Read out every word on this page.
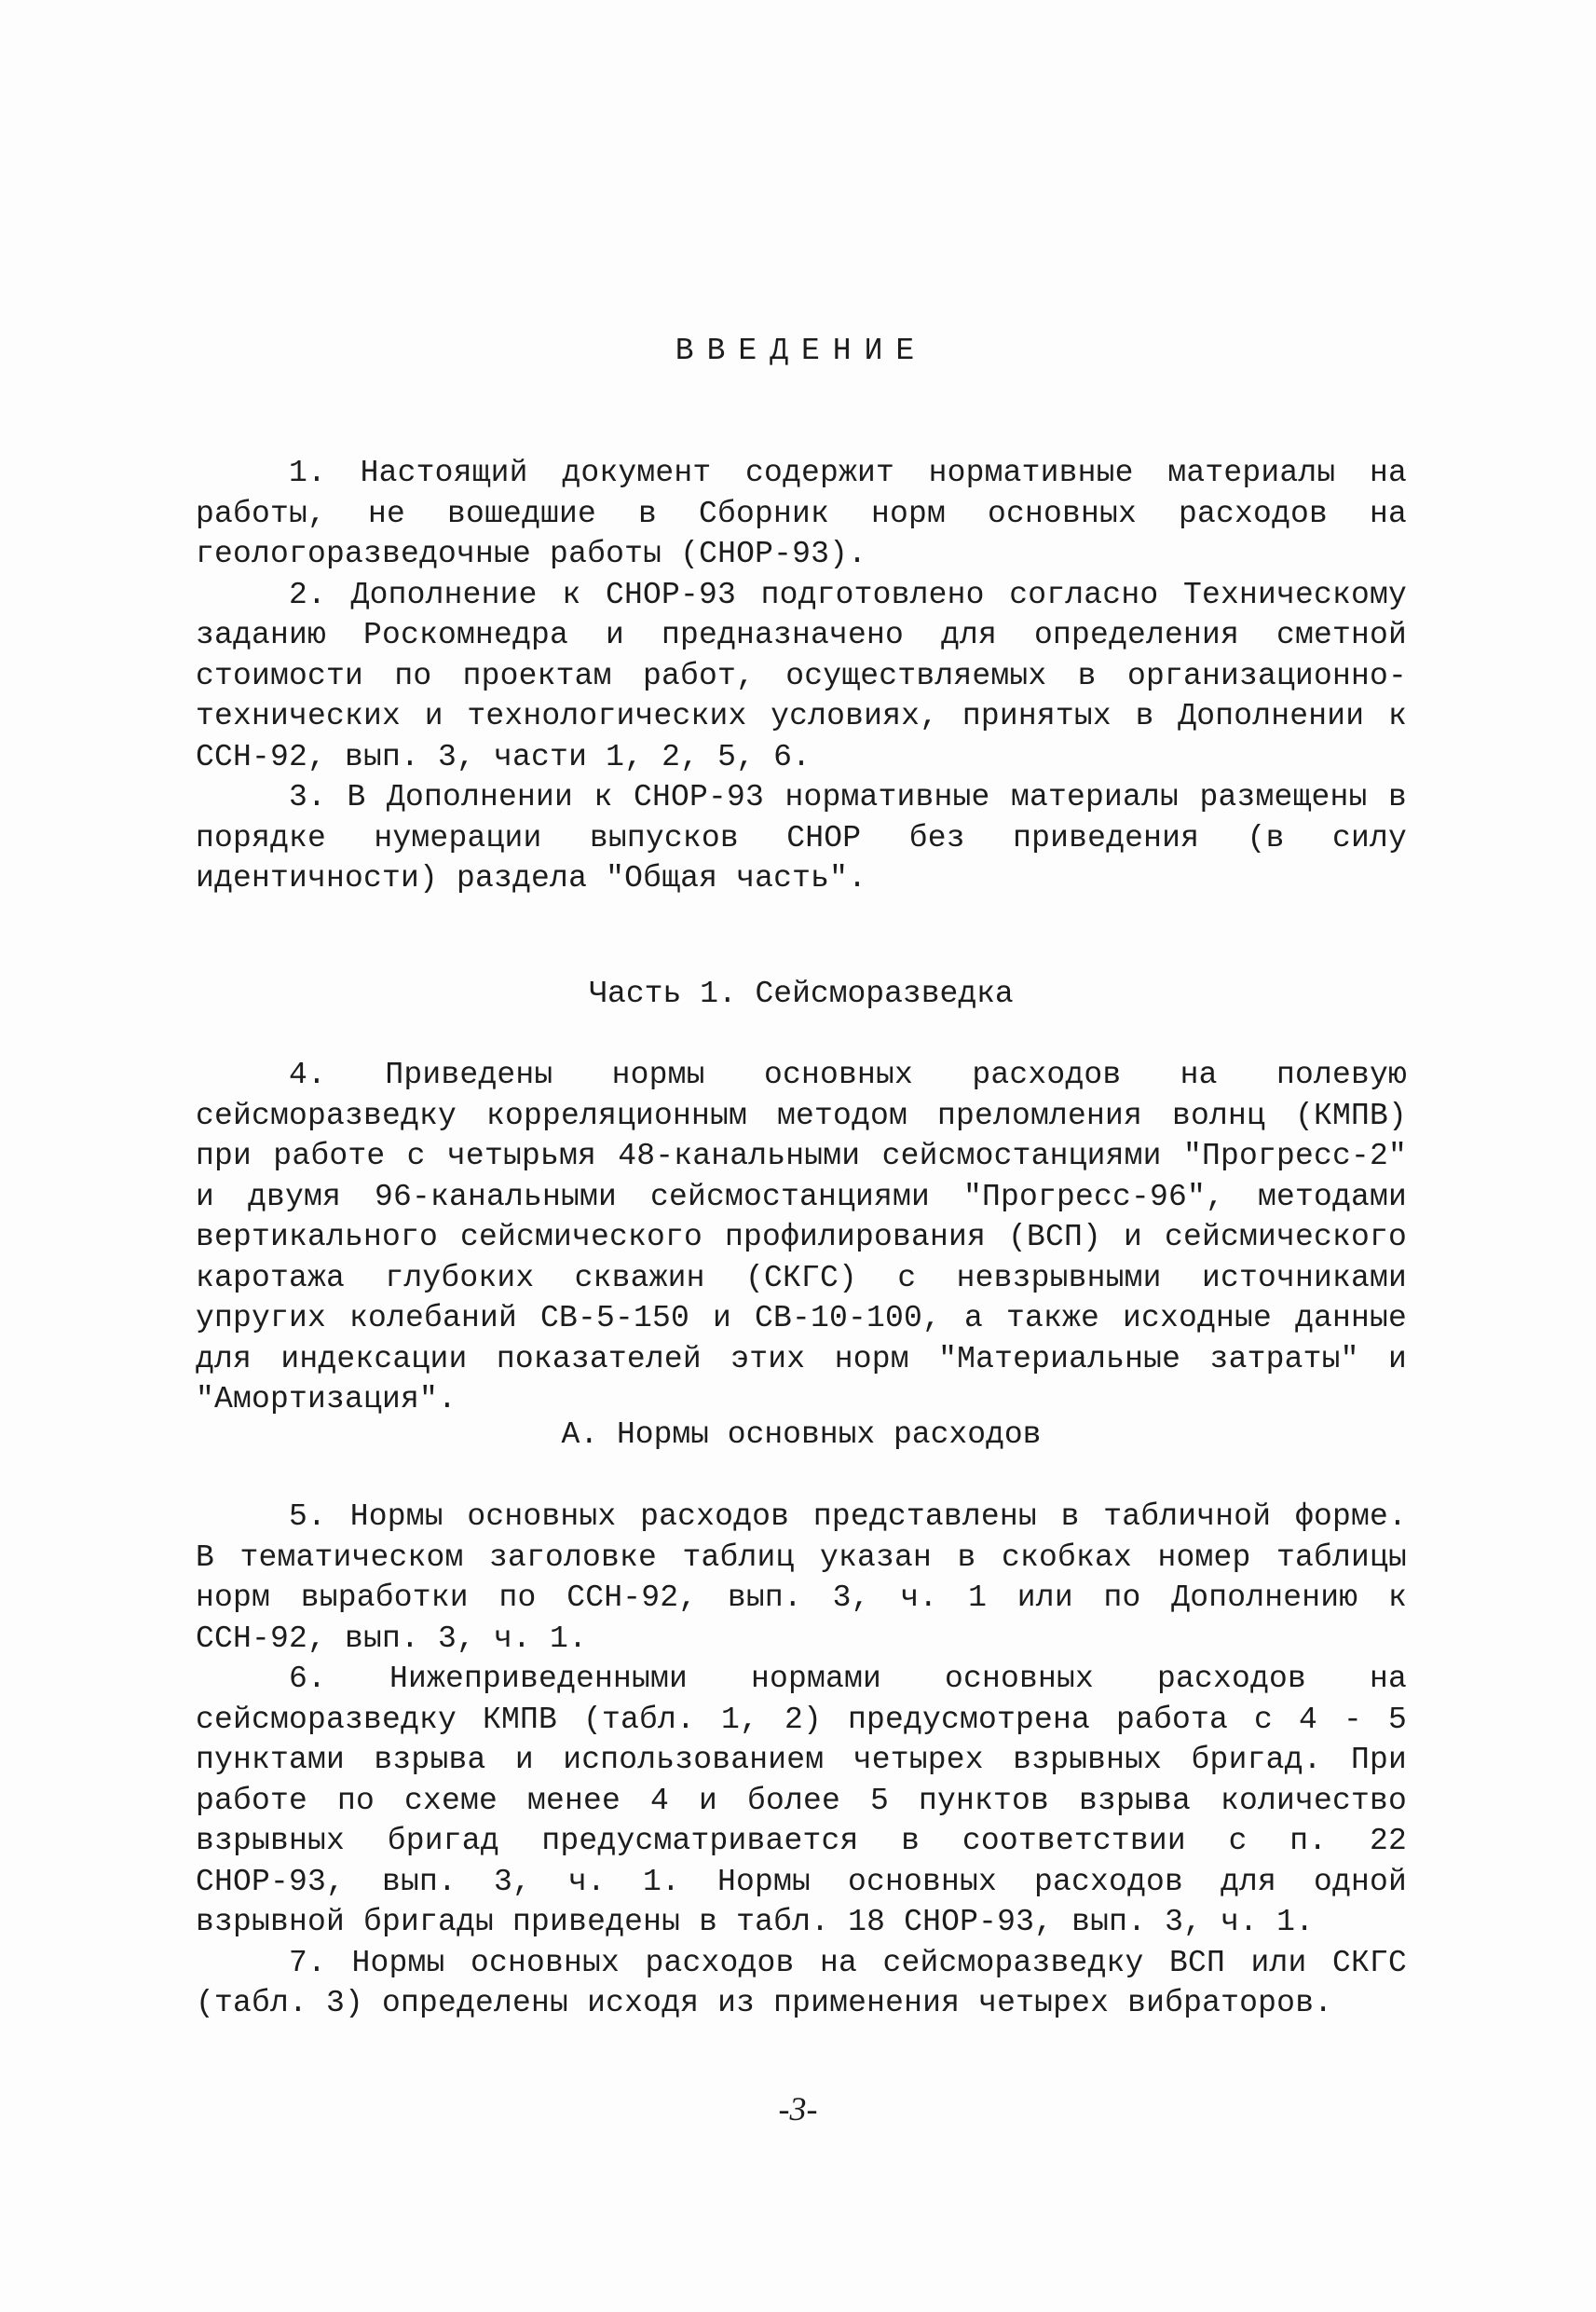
ВВЕДЕНИЕ

1. Настоящий документ содержит нормативные материалы на работы, не вошедшие в Сборник норм основных расходов на геологоразведочные работы (СНОР-93).

2. Дополнение к СНОР-93 подготовлено согласно Техническому заданию Роскомнедра и предназначено для определения сметной стоимости по проектам работ, осуществляемых в организационно-технических и технологических условиях, принятых в Дополнении к ССН-92, вып. 3, части 1, 2, 5, 6.

3. В Дополнении к СНОР-93 нормативные материалы размещены в порядке нумерации выпусков СНОР без приведения (в силу идентичности) раздела "Общая часть".

Часть 1. Сейсморазведка

4. Приведены нормы основных расходов на полевую сейсморазведку корреляционным методом преломления волнц (КМПВ) при работе с четырьмя 48-канальными сейсмостанциями "Прогресс-2" и двумя 96-канальными сейсмостанциями "Прогресс-96", методами вертикального сейсмического профилирования (ВСП) и сейсмического каротажа глубоких скважин (СКГС) с невзрывными источниками упругих колебаний СВ-5-150 и СВ-10-100, а также исходные данные для индексации показателей этих норм "Материальные затраты" и "Амортизация".

А. Нормы основных расходов

5. Нормы основных расходов представлены в табличной форме. В тематическом заголовке таблиц указан в скобках номер таблицы норм выработки по ССН-92, вып. 3, ч. 1 или по Дополнению к ССН-92, вып. 3, ч. 1.

6. Нижеприведенными нормами основных расходов на сейсморазведку КМПВ (табл. 1, 2) предусмотрена работа с 4 - 5 пунктами взрыва и использованием четырех взрывных бригад. При работе по схеме менее 4 и более 5 пунктов взрыва количество взрывных бригад предусматривается в соответствии с п. 22 СНОР-93, вып. 3, ч. 1. Нормы основных расходов для одной взрывной бригады приведены в табл. 18 СНОР-93, вып. 3, ч. 1.

7. Нормы основных расходов на сейсморазведку ВСП или СКГС (табл. 3) определены исходя из применения четырех вибраторов.

-3-
